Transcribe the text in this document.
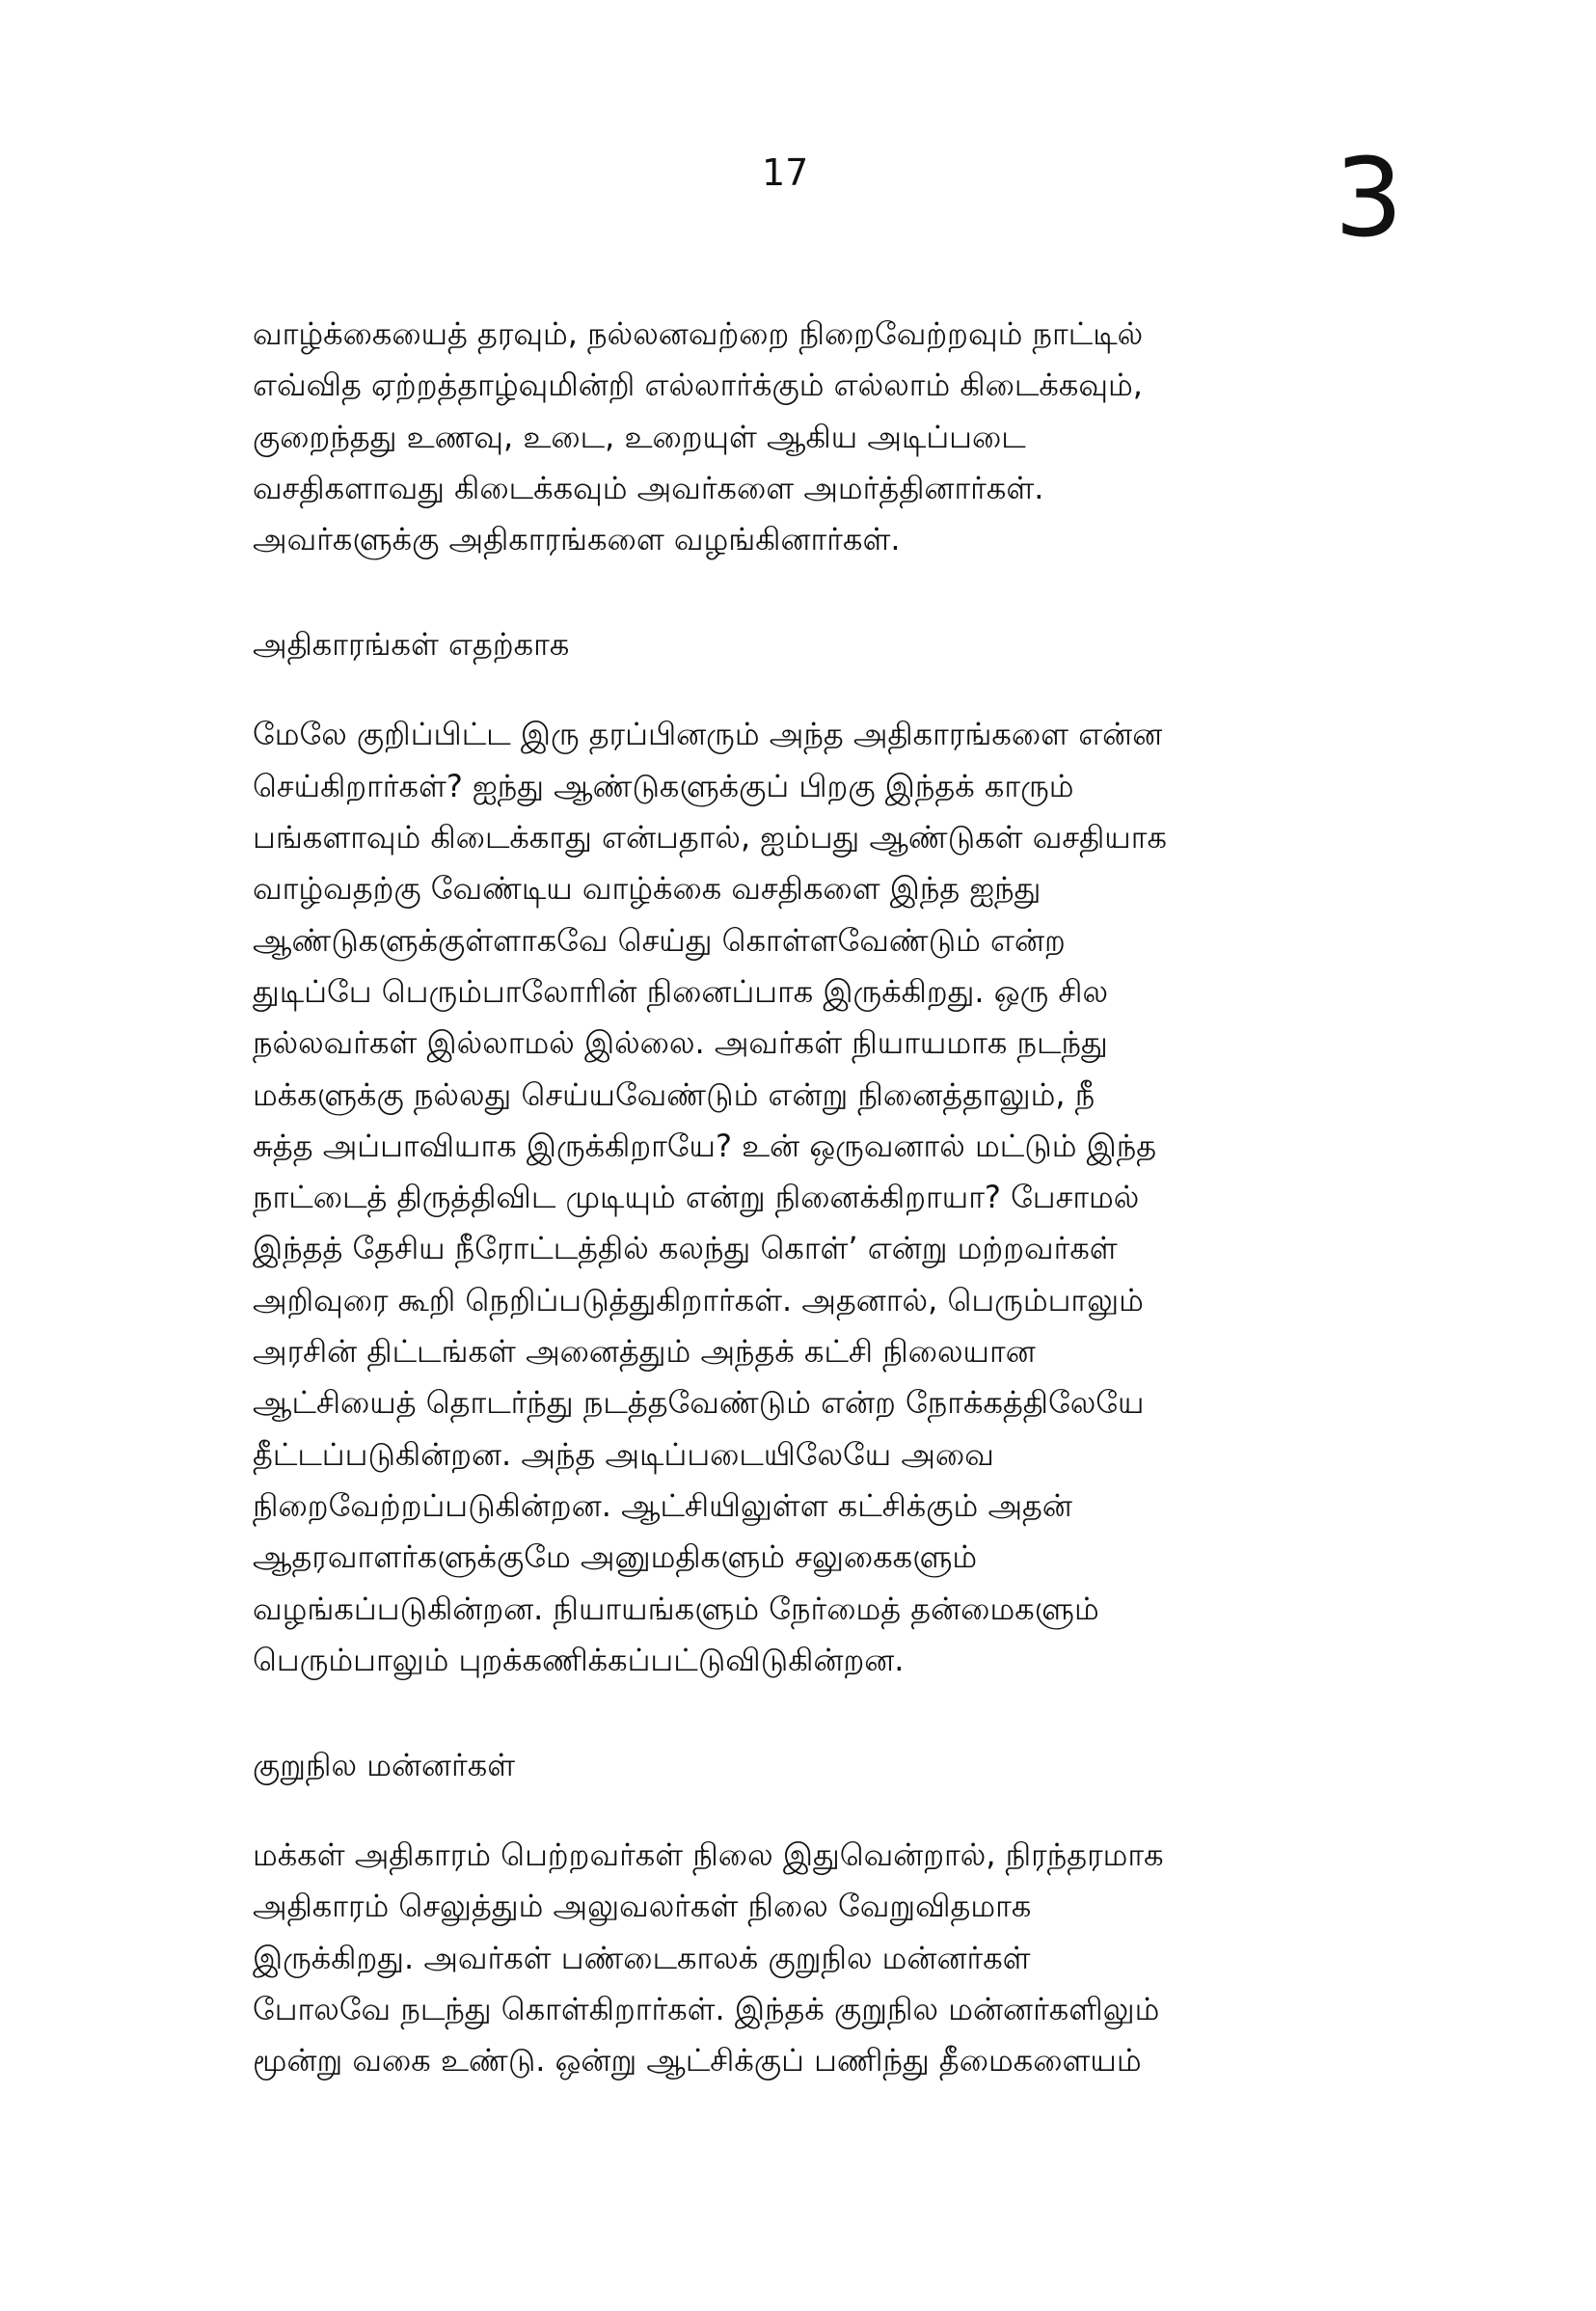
17	3

வாழ்க்கையைத் தரவும், நல்லனவற்றை நிறைவேற்றவும் நாட்டில்
எவ்வித ஏற்றத்தாழ்வுமின்றி எல்லார்க்கும் எல்லாம் கிடைக்கவும்,
குறைந்தது உணவு, உடை, உறையுள் ஆகிய அடிப்படை
வசதிகளாவது கிடைக்கவும் அவர்களை அமர்த்தினார்கள்.
அவர்களுக்கு அதிகாரங்களை வழங்கினார்கள்.

அதிகாரங்கள் எதற்காக

மேலே குறிப்பிட்ட இரு தரப்பினரும் அந்த அதிகாரங்களை என்ன
செய்கிறார்கள்? ஐந்து ஆண்டுகளுக்குப் பிறகு இந்தக் காரும்
பங்களாவும் கிடைக்காது என்பதால், ஐம்பது ஆண்டுகள் வசதியாக
வாழ்வதற்கு வேண்டிய வாழ்க்கை வசதிகளை இந்த ஐந்து
ஆண்டுகளுக்குள்ளாகவே செய்து கொள்ளவேண்டும் என்ற
துடிப்பே பெரும்பாலோரின் நினைப்பாக இருக்கிறது. ஒரு சில
நல்லவர்கள் இல்லாமல் இல்லை. அவர்கள் நியாயமாக நடந்து
மக்களுக்கு நல்லது செய்யவேண்டும் என்று நினைத்தாலும், நீ
சுத்த அப்பாவியாக இருக்கிறாயே? உன் ஒருவனால் மட்டும் இந்த
நாட்டைத் திருத்திவிட முடியும் என்று நினைக்கிறாயா? பேசாமல்
இந்தத் தேசிய நீரோட்டத்தில் கலந்து கொள்’ என்று மற்றவர்கள்
அறிவுரை கூறி நெறிப்படுத்துகிறார்கள். அதனால், பெரும்பாலும்
அரசின் திட்டங்கள் அனைத்தும் அந்தக் கட்சி நிலையான
ஆட்சியைத் தொடர்ந்து நடத்தவேண்டும் என்ற நோக்கத்திலேயே
தீட்டப்படுகின்றன. அந்த அடிப்படையிலேயே அவை
நிறைவேற்றப்படுகின்றன. ஆட்சியிலுள்ள கட்சிக்கும் அதன்
ஆதரவாளர்களுக்குமே அனுமதிகளும் சலுகைகளும்
வழங்கப்படுகின்றன. நியாயங்களும் நேர்மைத் தன்மைகளும்
பெரும்பாலும் புறக்கணிக்கப்பட்டுவிடுகின்றன.

குறுநில மன்னர்கள்

மக்கள் அதிகாரம் பெற்றவர்கள் நிலை இதுவென்றால், நிரந்தரமாக
அதிகாரம் செலுத்தும் அலுவலர்கள் நிலை வேறுவிதமாக
இருக்கிறது. அவர்கள் பண்டைகாலக் குறுநில மன்னர்கள்
போலவே நடந்து கொள்கிறார்கள். இந்தக் குறுநில மன்னர்களிலும்
மூன்று வகை உண்டு. ஒன்று ஆட்சிக்குப் பணிந்து தீமைகளையம்
